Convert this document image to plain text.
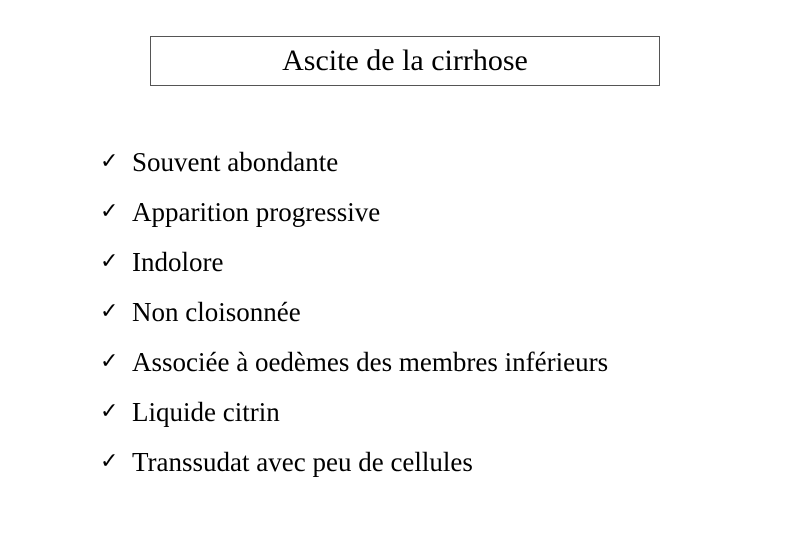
Ascite de la cirrhose
✓ Souvent abondante
✓ Apparition progressive
✓ Indolore
✓ Non cloisonnée
✓ Associée à oedèmes des membres inférieurs
✓ Liquide citrin
✓ Transsudat avec peu de cellules
